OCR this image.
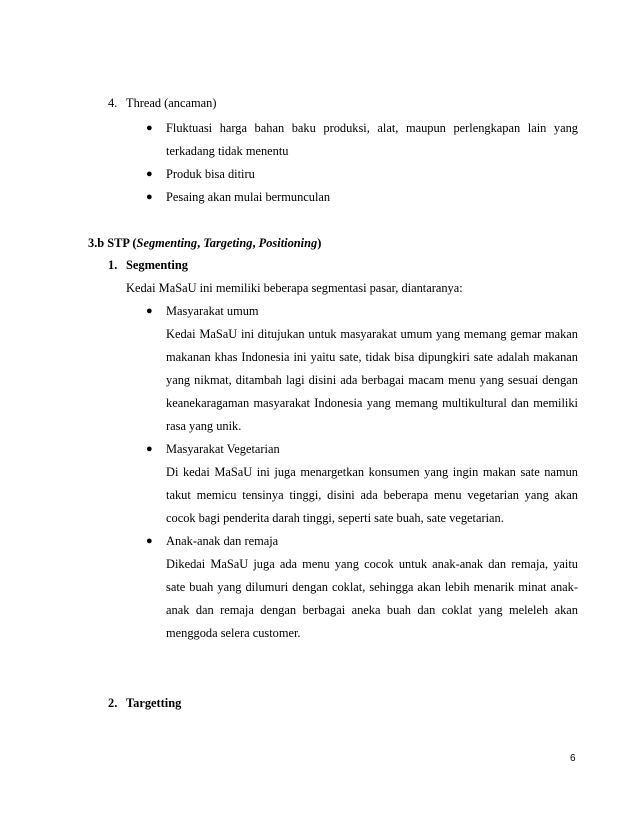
4. Thread (ancaman)
● Fluktuasi harga bahan baku produksi, alat, maupun perlengkapan lain yang
terkadang tidak menentu
● Produk bisa ditiru
● Pesaing akan mulai bermunculan
3.b STP (Segmenting, Targeting, Positioning)
1. Segmenting
Kedai MaSaU ini memiliki beberapa segmentasi pasar, diantaranya:
● Masyarakat umum
Kedai MaSaU ini ditujukan untuk masyarakat umum yang memang gemar makan
makanan khas Indonesia ini yaitu sate, tidak bisa dipungkiri sate adalah makanan
yang nikmat, ditambah lagi disini ada berbagai macam menu yang sesuai dengan
keanekaragaman masyarakat Indonesia yang memang multikultural dan memiliki
rasa yang unik.
● Masyarakat Vegetarian
Di kedai MaSaU ini juga menargetkan konsumen yang ingin makan sate namun
takut memicu tensinya tinggi, disini ada beberapa menu vegetarian yang akan
cocok bagi penderita darah tinggi, seperti sate buah, sate vegetarian.
● Anak-anak dan remaja
Dikedai MaSaU juga ada menu yang cocok untuk anak-anak dan remaja, yaitu
sate buah yang dilumuri dengan coklat, sehingga akan lebih menarik minat anak-
anak dan remaja dengan berbagai aneka buah dan coklat yang meleleh akan
menggoda selera customer.
2. Targetting
6
